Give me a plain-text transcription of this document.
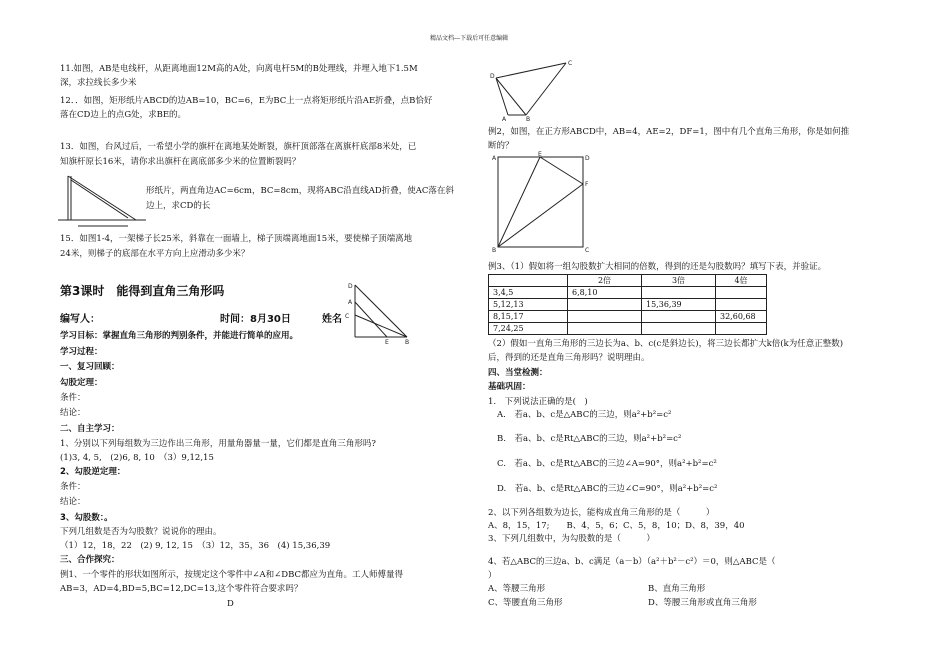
精品文档---下载后可任意编辑
11.如图，AB是电线杆，从距离地面12M高的A处，向离电杆5M的B处理线，并埋入地下1.5M
深，求拉线长多少米
12．．如图，矩形纸片ABCD的边AB=10，BC=6，E为BC上一点将矩形纸片沿AE折叠，点B恰好
落在CD边上的点G处，求BE的。
13．如图，台风过后，一希望小学的旗杆在离地某处断裂，旗杆顶部落在离旗杆底部8米处，已
知旗杆原长16米，请你求出旗杆在离底部多少米的位置断裂吗？
形纸片，两直角边AC=6cm，BC=8cm，现将ABC沿直线AD折叠，使AC落在斜
边上，求CD的长
15．如图1-4，一架梯子长25米，斜靠在一面墙上，梯子顶端离地面15米，要使梯子顶端离地
24米，则梯子的底部在水平方向上应滑动多少米？
第3课时　能得到直角三角形吗	D
A
C
E	B
编写人：	时间：8月30日	姓名
学习目标：掌握直角三角形的判别条件，并能进行简单的应用。
学习过程：
一、复习回顾：
勾股定理：
条件：
结论：
二、自主学习：
1、分别以下列每组数为三边作出三角形，用量角器量一量，它们都是直角三角形吗?
(1)3, 4, 5,　(2)6, 8, 10　（3）9,12,15
2、勾股逆定理：
条件：
结论：
3、勾股数：。
下列几组数是否为勾股数？说说你的理由。
（1）12，18，22　(2) 9, 12, 15　（3）12，35，36　(4) 15,36,39
三、合作探究：
例1、一个零件的形状如图所示，按规定这个零件中∠A和∠DBC都应为直角。工人师傅量得
AB=3，AD=4,BD=5,BC=12,DC=13,这个零件符合要求吗？
D
D
C
A	B
例2，如图，在正方形ABCD中，AB=4，AE=2，DF=1，图中有几个直角三角形，你是如何推
断的？
A
E
D
F
B	C
例3、（1）假如将一组勾股数扩大相同的倍数，得到的还是勾股数吗？填写下表，并验证。
	2倍	3倍	4倍
3,4,5	6,8,10		
5,12,13		15,36,39	
8,15,17			32,60,68
7,24,25			
（2）假如一直角三角形的三边长为a、b、c(c是斜边长)，将三边长都扩大k倍(k为任意正整数)
后，得到的还是直角三角形吗？说明理由。
四、当堂检测：
基础巩固：
1.　下列说法正确的是(　)
A.　若a、b、c是△ABC的三边，则a²+b²=c²
B.　若a、b、c是Rt△ABC的三边，则a²+b²=c²
C.　若a、b、c是Rt△ABC的三边∠A=90°，则a²+b²=c²
D.　若a、b、c是Rt△ABC的三边∠C=90°，则a²+b²=c²
2、以下列各组数为边长，能构成直角三角形的是（　　　）
A、8，15，17;　　B、4，5，6；C、5，8，10；D、8，39，40
3、下列几组数中，为勾股数的是（　　　）
4、若△ABC的三边a、b、c满足（a－b）（a²＋b²－c²）＝0，则△ABC是（
）
A、等腰三角形	B、直角三角形
C、等腰直角三角形	D、等腰三角形或直角三角形
